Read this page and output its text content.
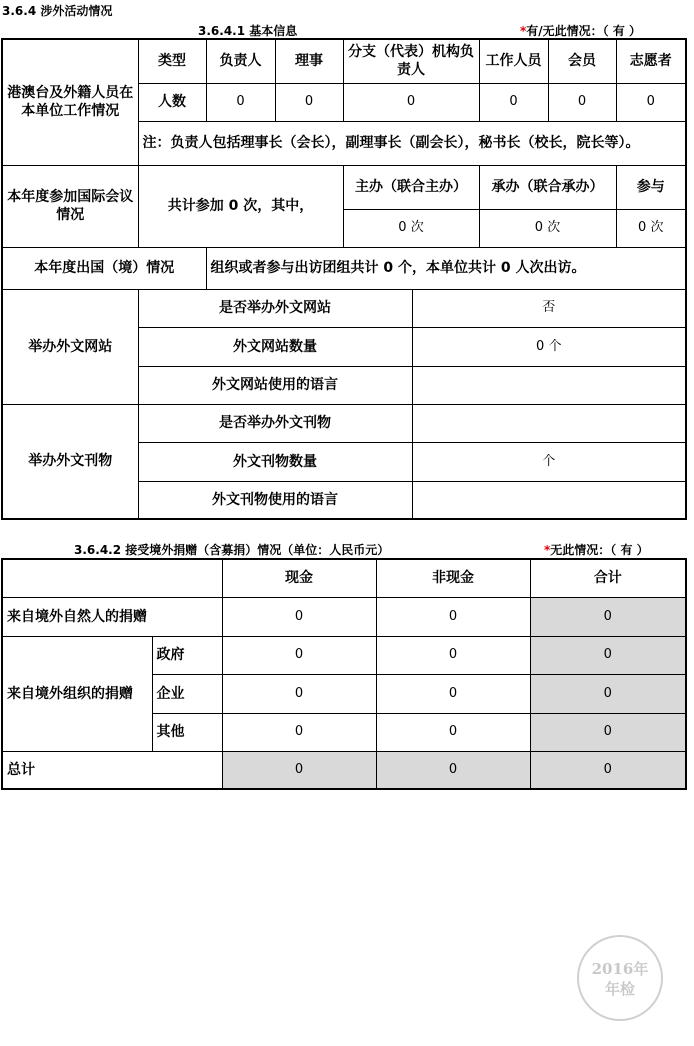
3.6.4 涉外活动情况
3.6.4.1 基本信息	*有/无此情况：（ 有 ）
港澳台及外籍人员在本单位工作情况	类型	负责人	理事	分支（代表）机构负责人		工作人员	会员	志愿者
	人数	0	0	0		0	0	0
	注：负责人包括理事长（会长），副理事长（副会长），秘书长（校长，院长等）。							
本年度参加国际会议情况	共计参加 0 次，其中，			主办（联合主办）		承办（联合承办）		参与
				0 次		0 次		0 次
本年度出国（境）情况		组织或者参与出访团组共计 0 个，本单位共计 0 人次出访。						
举办外文网站	是否举办外文网站				否			
	外文网站数量				0 个			
	外文网站使用的语言							
举办外文刊物	是否举办外文刊物							
	外文刊物数量				个			
	外文刊物使用的语言							
3.6.4.2 接受境外捐赠（含募捐）情况（单位：人民币元）	*无此情况：（ 有 ）
		现金	非现金	合计
来自境外自然人的捐赠		0	0	0
来自境外组织的捐赠	政府	0	0	0
	企业	0	0	0
	其他	0	0	0
总计		0	0	0
2016年
年检
